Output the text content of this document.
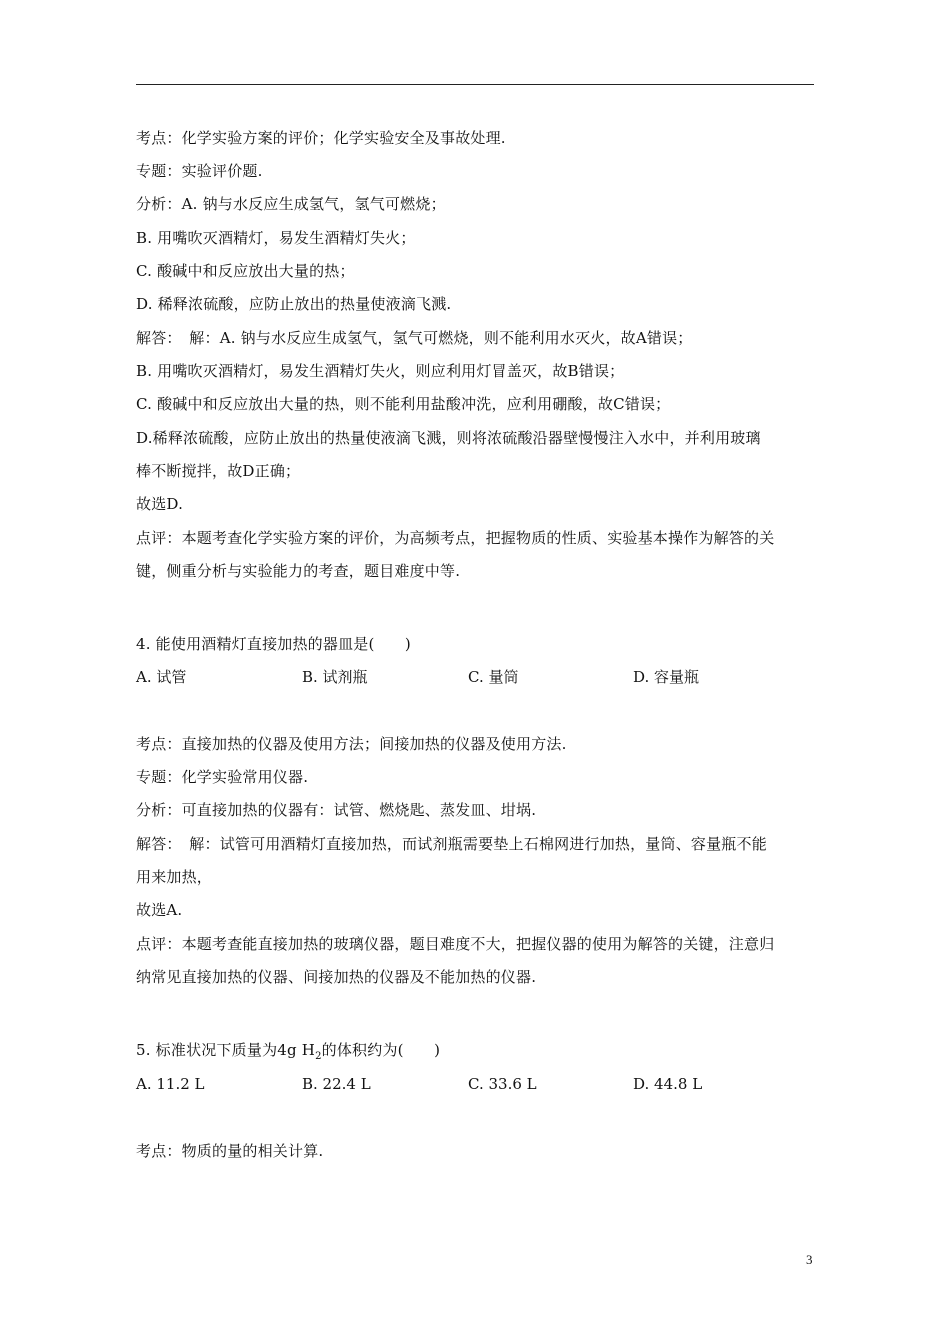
考点：化学实验方案的评价；化学实验安全及事故处理.
专题：实验评价题.
分析：A. 钠与水反应生成氢气，氢气可燃烧；
B. 用嘴吹灭酒精灯，易发生酒精灯失火；
C. 酸碱中和反应放出大量的热；
D. 稀释浓硫酸，应防止放出的热量使液滴飞溅.
解答：　解：A. 钠与水反应生成氢气，氢气可燃烧，则不能利用水灭火，故A错误；
B. 用嘴吹灭酒精灯，易发生酒精灯失火，则应利用灯冒盖灭，故B错误；
C. 酸碱中和反应放出大量的热，则不能利用盐酸冲洗，应利用硼酸，故C错误；
D.稀释浓硫酸，应防止放出的热量使液滴飞溅，则将浓硫酸沿器壁慢慢注入水中，并利用玻璃
棒不断搅拌，故D正确；
故选D.
点评：本题考查化学实验方案的评价，为高频考点，把握物质的性质、实验基本操作为解答的关
键，侧重分析与实验能力的考查，题目难度中等.
4. 能使用酒精灯直接加热的器皿是(　　)
A. 试管	B. 试剂瓶	C. 量筒	D. 容量瓶
考点：直接加热的仪器及使用方法；间接加热的仪器及使用方法.
专题：化学实验常用仪器.
分析：可直接加热的仪器有：试管、燃烧匙、蒸发皿、坩埚.
解答：　解：试管可用酒精灯直接加热，而试剂瓶需要垫上石棉网进行加热，量筒、容量瓶不能
用来加热，
故选A.
点评：本题考查能直接加热的玻璃仪器，题目难度不大，把握仪器的使用为解答的关键，注意归
纳常见直接加热的仪器、间接加热的仪器及不能加热的仪器.
5. 标准状况下质量为4g $H_2$的体积约为(　　)
A. 11.2 L	B. 22.4 L	C. 33.6 L	D. 44.8 L
考点：物质的量的相关计算.
3
